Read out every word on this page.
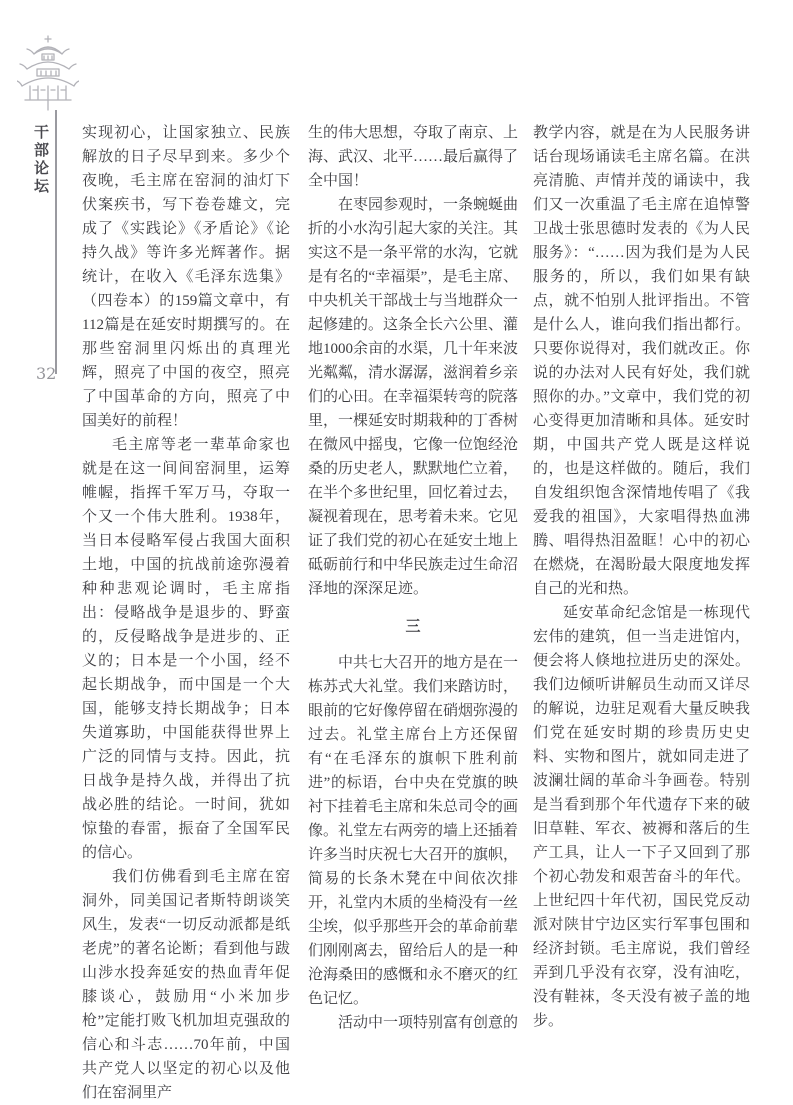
干部论坛
32

实现初心，让国家独立、民族解放的日子尽早到来。多少个夜晚，毛主席在窑洞的油灯下伏案疾书，写下卷卷雄文，完成了《实践论》《矛盾论》《论持久战》等许多光辉著作。据统计，在收入《毛泽东选集》（四卷本）的159篇文章中，有112篇是在延安时期撰写的。在那些窑洞里闪烁出的真理光辉，照亮了中国的夜空，照亮了中国革命的方向，照亮了中国美好的前程！

毛主席等老一辈革命家也就是在这一间间窑洞里，运筹帷幄，指挥千军万马，夺取一个又一个伟大胜利。1938年，当日本侵略军侵占我国大面积土地，中国的抗战前途弥漫着种种悲观论调时，毛主席指出：侵略战争是退步的、野蛮的，反侵略战争是进步的、正义的；日本是一个小国，经不起长期战争，而中国是一个大国，能够支持长期战争；日本失道寡助，中国能获得世界上广泛的同情与支持。因此，抗日战争是持久战，并得出了抗战必胜的结论。一时间，犹如惊蛰的春雷，振奋了全国军民的信心。

我们仿佛看到毛主席在窑洞外，同美国记者斯特朗谈笑风生，发表“一切反动派都是纸老虎”的著名论断；看到他与跋山涉水投奔延安的热血青年促膝谈心，鼓励用“小米加步枪”定能打败飞机加坦克强敌的信心和斗志……70年前，中国共产党人以坚定的初心以及他们在窑洞里产

生的伟大思想，夺取了南京、上海、武汉、北平……最后赢得了全中国！

在枣园参观时，一条蜿蜒曲折的小水沟引起大家的关注。其实这不是一条平常的水沟，它就是有名的“幸福渠”，是毛主席、中央机关干部战士与当地群众一起修建的。这条全长六公里、灌地1000余亩的水渠，几十年来波光粼粼，清水潺潺，滋润着乡亲们的心田。在幸福渠转弯的院落里，一棵延安时期栽种的丁香树在微风中摇曳，它像一位饱经沧桑的历史老人，默默地伫立着，在半个多世纪里，回忆着过去，凝视着现在，思考着未来。它见证了我们党的初心在延安土地上砥砺前行和中华民族走过生命沼泽地的深深足迹。

三

中共七大召开的地方是在一栋苏式大礼堂。我们来踏访时，眼前的它好像停留在硝烟弥漫的过去。礼堂主席台上方还保留有“在毛泽东的旗帜下胜利前进”的标语，台中央在党旗的映衬下挂着毛主席和朱总司令的画像。礼堂左右两旁的墙上还插着许多当时庆祝七大召开的旗帜，简易的长条木凳在中间依次排开，礼堂内木质的坐椅没有一丝尘埃，似乎那些开会的革命前辈们刚刚离去，留给后人的是一种沧海桑田的感慨和永不磨灭的红色记忆。

活动中一项特别富有创意的

教学内容，就是在为人民服务讲话台现场诵读毛主席名篇。在洪亮清脆、声情并茂的诵读中，我们又一次重温了毛主席在追悼警卫战士张思德时发表的《为人民服务》：“……因为我们是为人民服务的，所以，我们如果有缺点，就不怕别人批评指出。不管是什么人，谁向我们指出都行。只要你说得对，我们就改正。你说的办法对人民有好处，我们就照你的办。”文章中，我们党的初心变得更加清晰和具体。延安时期，中国共产党人既是这样说的，也是这样做的。随后，我们自发组织饱含深情地传唱了《我爱我的祖国》，大家唱得热血沸腾、唱得热泪盈眶！心中的初心在燃烧，在渴盼最大限度地发挥自己的光和热。

延安革命纪念馆是一栋现代宏伟的建筑，但一当走进馆内，便会将人倏地拉进历史的深处。我们边倾听讲解员生动而又详尽的解说，边驻足观看大量反映我们党在延安时期的珍贵历史史料、实物和图片，就如同走进了波澜壮阔的革命斗争画卷。特别是当看到那个年代遗存下来的破旧草鞋、军衣、被褥和落后的生产工具，让人一下子又回到了那个初心勃发和艰苦奋斗的年代。上世纪四十年代初，国民党反动派对陕甘宁边区实行军事包围和经济封锁。毛主席说，我们曾经弄到几乎没有衣穿，没有油吃，没有鞋袜，冬天没有被子盖的地步。
